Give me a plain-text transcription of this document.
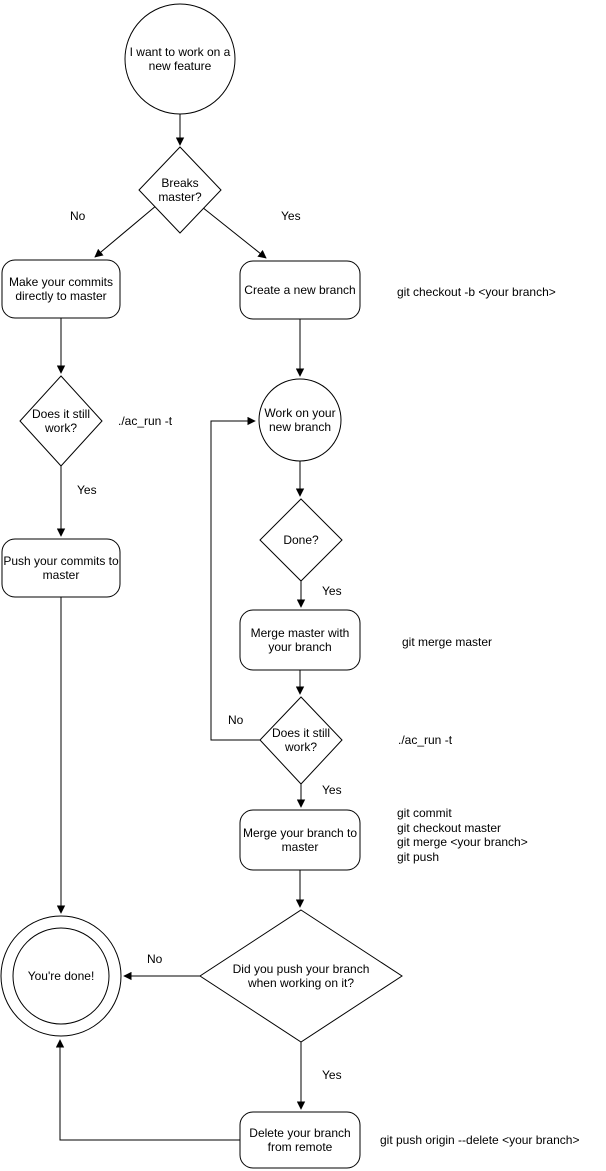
I want to work on a new feature
Breaks master?
Make your commits directly to master	Create a new branch
Does it still work?
Push your commits to master
Work on your new branch
Done?
Merge master with your branch
Does it still work?
Merge your branch to master
Did you push your branch when working on it?
You're done!
Delete your branch from remote
No	Yes
Yes
Yes
No
Yes
No
Yes
git checkout -b <your branch>
./ac_run -t
git merge master
./ac_run -t
git commit
git checkout master
git merge <your branch>
git push
git push origin --delete <your branch>
